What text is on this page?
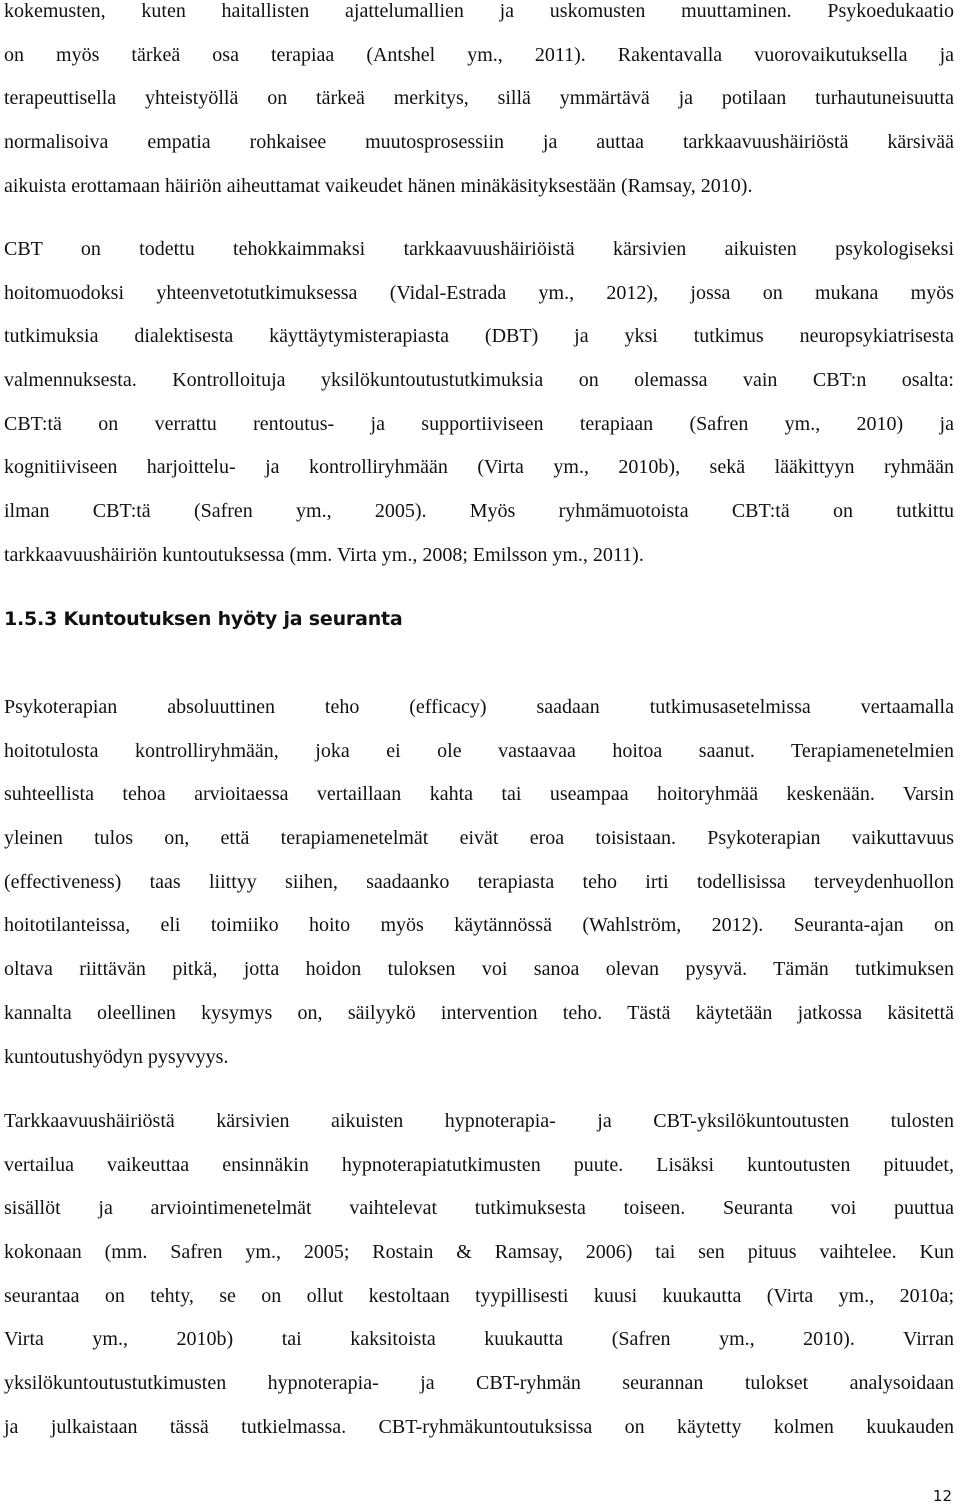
kokemusten, kuten haitallisten ajattelumallien ja uskomusten muuttaminen. Psykoedukaatio
on myös tärkeä osa terapiaa (Antshel ym., 2011). Rakentavalla vuorovaikutuksella ja
terapeuttisella yhteistyöllä on tärkeä merkitys, sillä ymmärtävä ja potilaan turhautuneisuutta
normalisoiva empatia rohkaisee muutosprosessiin ja auttaa tarkkaavuushäiriöstä kärsivää
aikuista erottamaan häiriön aiheuttamat vaikeudet hänen minäkäsityksestään (Ramsay, 2010).
CBT on todettu tehokkaimmaksi tarkkaavuushäiriöistä kärsivien aikuisten psykologiseksi
hoitomuodoksi yhteenvetotutkimuksessa (Vidal-Estrada ym., 2012), jossa on mukana myös
tutkimuksia dialektisesta käyttäytymisterapiasta (DBT) ja yksi tutkimus neuropsykiatrisesta
valmennuksesta. Kontrolloituja yksilökuntoutustutkimuksia on olemassa vain CBT:n osalta:
CBT:tä on verrattu rentoutus- ja supportiiviseen terapiaan (Safren ym., 2010) ja
kognitiiviseen harjoittelu- ja kontrolliryhmään (Virta ym., 2010b), sekä lääkittyyn ryhmään
ilman CBT:tä (Safren ym., 2005). Myös ryhmämuotoista CBT:tä on tutkittu
tarkkaavuushäiriön kuntoutuksessa (mm. Virta ym., 2008; Emilsson ym., 2011).
1.5.3 Kuntoutuksen hyöty ja seuranta
Psykoterapian absoluuttinen teho (efficacy) saadaan tutkimusasetelmissa vertaamalla
hoitotulosta kontrolliryhmään, joka ei ole vastaavaa hoitoa saanut. Terapiamenetelmien
suhteellista tehoa arvioitaessa vertaillaan kahta tai useampaa hoitoryhmää keskenään. Varsin
yleinen tulos on, että terapiamenetelmät eivät eroa toisistaan. Psykoterapian vaikuttavuus
(effectiveness) taas liittyy siihen, saadaanko terapiasta teho irti todellisissa terveydenhuollon
hoitotilanteissa, eli toimiiko hoito myös käytännössä (Wahlström, 2012). Seuranta-ajan on
oltava riittävän pitkä, jotta hoidon tuloksen voi sanoa olevan pysyvä. Tämän tutkimuksen
kannalta oleellinen kysymys on, säilyykö intervention teho. Tästä käytetään jatkossa käsitettä
kuntoutushyödyn pysyvyys.
Tarkkaavuushäiriöstä kärsivien aikuisten hypnoterapia- ja CBT-yksilökuntoutusten tulosten
vertailua vaikeuttaa ensinnäkin hypnoterapiatutkimusten puute. Lisäksi kuntoutusten pituudet,
sisällöt ja arviointimenetelmät vaihtelevat tutkimuksesta toiseen. Seuranta voi puuttua
kokonaan (mm. Safren ym., 2005; Rostain & Ramsay, 2006) tai sen pituus vaihtelee. Kun
seurantaa on tehty, se on ollut kestoltaan tyypillisesti kuusi kuukautta (Virta ym., 2010a;
Virta ym., 2010b) tai kaksitoista kuukautta (Safren ym., 2010). Virran
yksilökuntoutustutkimusten hypnoterapia- ja CBT-ryhmän seurannan tulokset analysoidaan
ja julkaistaan tässä tutkielmassa. CBT-ryhmäkuntoutuksissa on käytetty kolmen kuukauden
12
